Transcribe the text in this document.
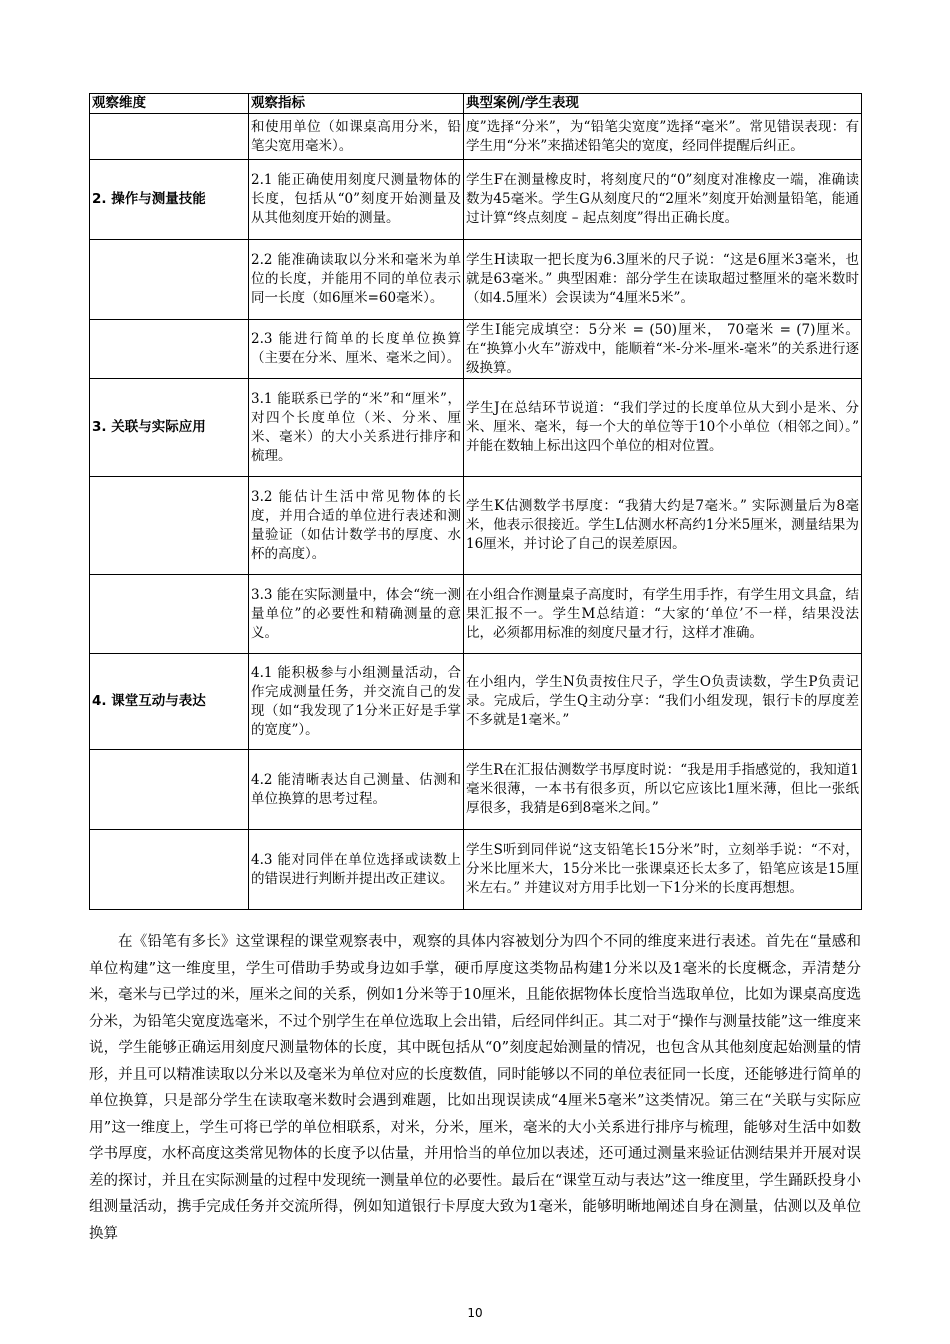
观察维度	观察指标	典型案例/学生表现
	和使用单位（如课桌高用分米，铅笔尖宽用毫米）。	度”选择“分米”，为“铅笔尖宽度”选择“毫米”。常见错误表现：有学生用“分米”来描述铅笔尖的宽度，经同伴提醒后纠正。
2. 操作与测量技能	2.1 能正确使用刻度尺测量物体的长度，包括从“0”刻度开始测量及从其他刻度开始的测量。	学生F在测量橡皮时，将刻度尺的“0”刻度对准橡皮一端，准确读数为45毫米。学生G从刻度尺的“2厘米”刻度开始测量铅笔，能通过计算“终点刻度 – 起点刻度”得出正确长度。
	2.2 能准确读取以分米和毫米为单位的长度，并能用不同的单位表示同一长度（如6厘米=60毫米）。	学生H读取一把长度为6.3厘米的尺子说：“这是6厘米3毫米，也就是63毫米。” 典型困难：部分学生在读取超过整厘米的毫米数时（如4.5厘米）会误读为“4厘米5米”。
	2.3 能进行简单的长度单位换算（主要在分米、厘米、毫米之间）。	学生I能完成填空：5分米 = (50)厘米， 70毫米 = (7)厘米。在“换算小火车”游戏中，能顺着“米-分米-厘米-毫米”的关系进行逐级换算。
3. 关联与实际应用	3.1 能联系已学的“米”和“厘米”，对四个长度单位（米、分米、厘米、毫米）的大小关系进行排序和梳理。	学生J在总结环节说道：“我们学过的长度单位从大到小是米、分米、厘米、毫米，每一个大的单位等于10个小单位（相邻之间）。” 并能在数轴上标出这四个单位的相对位置。
	3.2 能估计生活中常见物体的长度，并用合适的单位进行表述和测量验证（如估计数学书的厚度、水杯的高度）。	学生K估测数学书厚度：“我猜大约是7毫米。” 实际测量后为8毫米，他表示很接近。学生L估测水杯高约1分米5厘米，测量结果为16厘米，并讨论了自己的误差原因。
	3.3 能在实际测量中，体会“统一测量单位”的必要性和精确测量的意义。	在小组合作测量桌子高度时，有学生用手拃，有学生用文具盒，结果汇报不一。学生M总结道：“大家的‘单位’不一样，结果没法比，必须都用标准的刻度尺量才行，这样才准确。
4. 课堂互动与表达	4.1 能积极参与小组测量活动，合作完成测量任务，并交流自己的发现（如“我发现了1分米正好是手掌的宽度”）。	在小组内，学生N负责按住尺子，学生O负责读数，学生P负责记录。完成后，学生Q主动分享：“我们小组发现，银行卡的厚度差不多就是1毫米。”
	4.2 能清晰表达自己测量、估测和单位换算的思考过程。	学生R在汇报估测数学书厚度时说：“我是用手指感觉的，我知道1毫米很薄，一本书有很多页，所以它应该比1厘米薄，但比一张纸厚很多，我猜是6到8毫米之间。”
	4.3 能对同伴在单位选择或读数上的错误进行判断并提出改正建议。	学生S听到同伴说“这支铅笔长15分米”时，立刻举手说：“不对，分米比厘米大，15分米比一张课桌还长太多了，铅笔应该是15厘米左右。” 并建议对方用手比划一下1分米的长度再想想。

在《铅笔有多长》这堂课程的课堂观察表中，观察的具体内容被划分为四个不同的维度来进行表述。首先在“量感和单位构建”这一维度里，学生可借助手势或身边如手掌，硬币厚度这类物品构建1分米以及1毫米的长度概念，弄清楚分米，毫米与已学过的米，厘米之间的关系，例如1分米等于10厘米，且能依据物体长度恰当选取单位，比如为课桌高度选分米，为铅笔尖宽度选毫米，不过个别学生在单位选取上会出错，后经同伴纠正。其二对于“操作与测量技能”这一维度来说，学生能够正确运用刻度尺测量物体的长度，其中既包括从“0”刻度起始测量的情况，也包含从其他刻度起始测量的情形，并且可以精准读取以分米以及毫米为单位对应的长度数值，同时能够以不同的单位表征同一长度，还能够进行简单的单位换算，只是部分学生在读取毫米数时会遇到难题，比如出现误读成“4厘米5毫米”这类情况。第三在“关联与实际应用”这一维度上，学生可将已学的单位相联系，对米，分米，厘米，毫米的大小关系进行排序与梳理，能够对生活中如数学书厚度，水杯高度这类常见物体的长度予以估量，并用恰当的单位加以表述，还可通过测量来验证估测结果并开展对误差的探讨，并且在实际测量的过程中发现统一测量单位的必要性。最后在“课堂互动与表达”这一维度里，学生踊跃投身小组测量活动，携手完成任务并交流所得，例如知道银行卡厚度大致为1毫米，能够明晰地阐述自身在测量，估测以及单位换算

10
